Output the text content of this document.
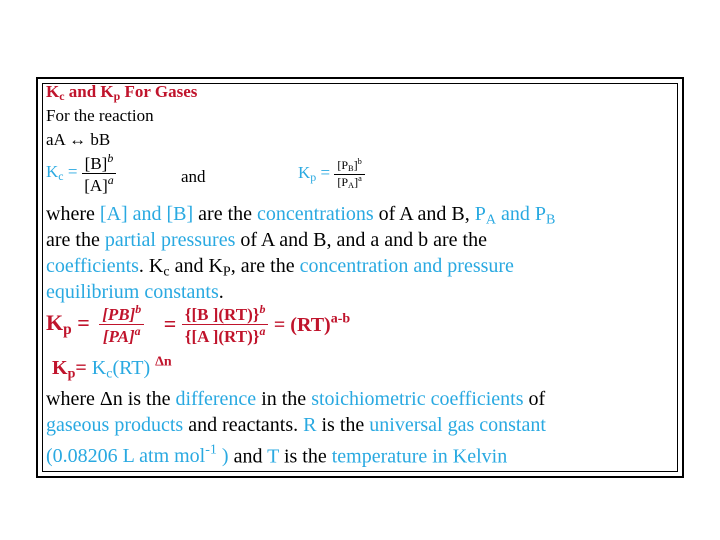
$K_c$ and $K_p$ For Gases
For the reaction
aA ↔ bB
$K_c = \frac{[B]^b}{[A]^a}$	and	$K_p = \frac{[P_B]^b}{[P_A]^a}$
where [A] and [B] are the concentrations of A and B, $P_A$ and $P_B$
are the partial pressures of A and B, and a and b are the
coefficients. $K_c$ and $K_P$, are the concentration and pressure
equilibrium constants.
$K_p = \frac{[PB]^b}{[PA]^a} = \frac{\{[B ](RT)\}^b}{\{[A ](RT)\}^a} = (RT)^{a-b}$
$K_p= K_c(RT)$ $^{\Delta n}$
where Δn is the difference in the stoichiometric coefficients of
gaseous products and reactants. R is the universal gas constant
(0.08206 L atm mol$^{-1}$ ) and T is the temperature in Kelvin
